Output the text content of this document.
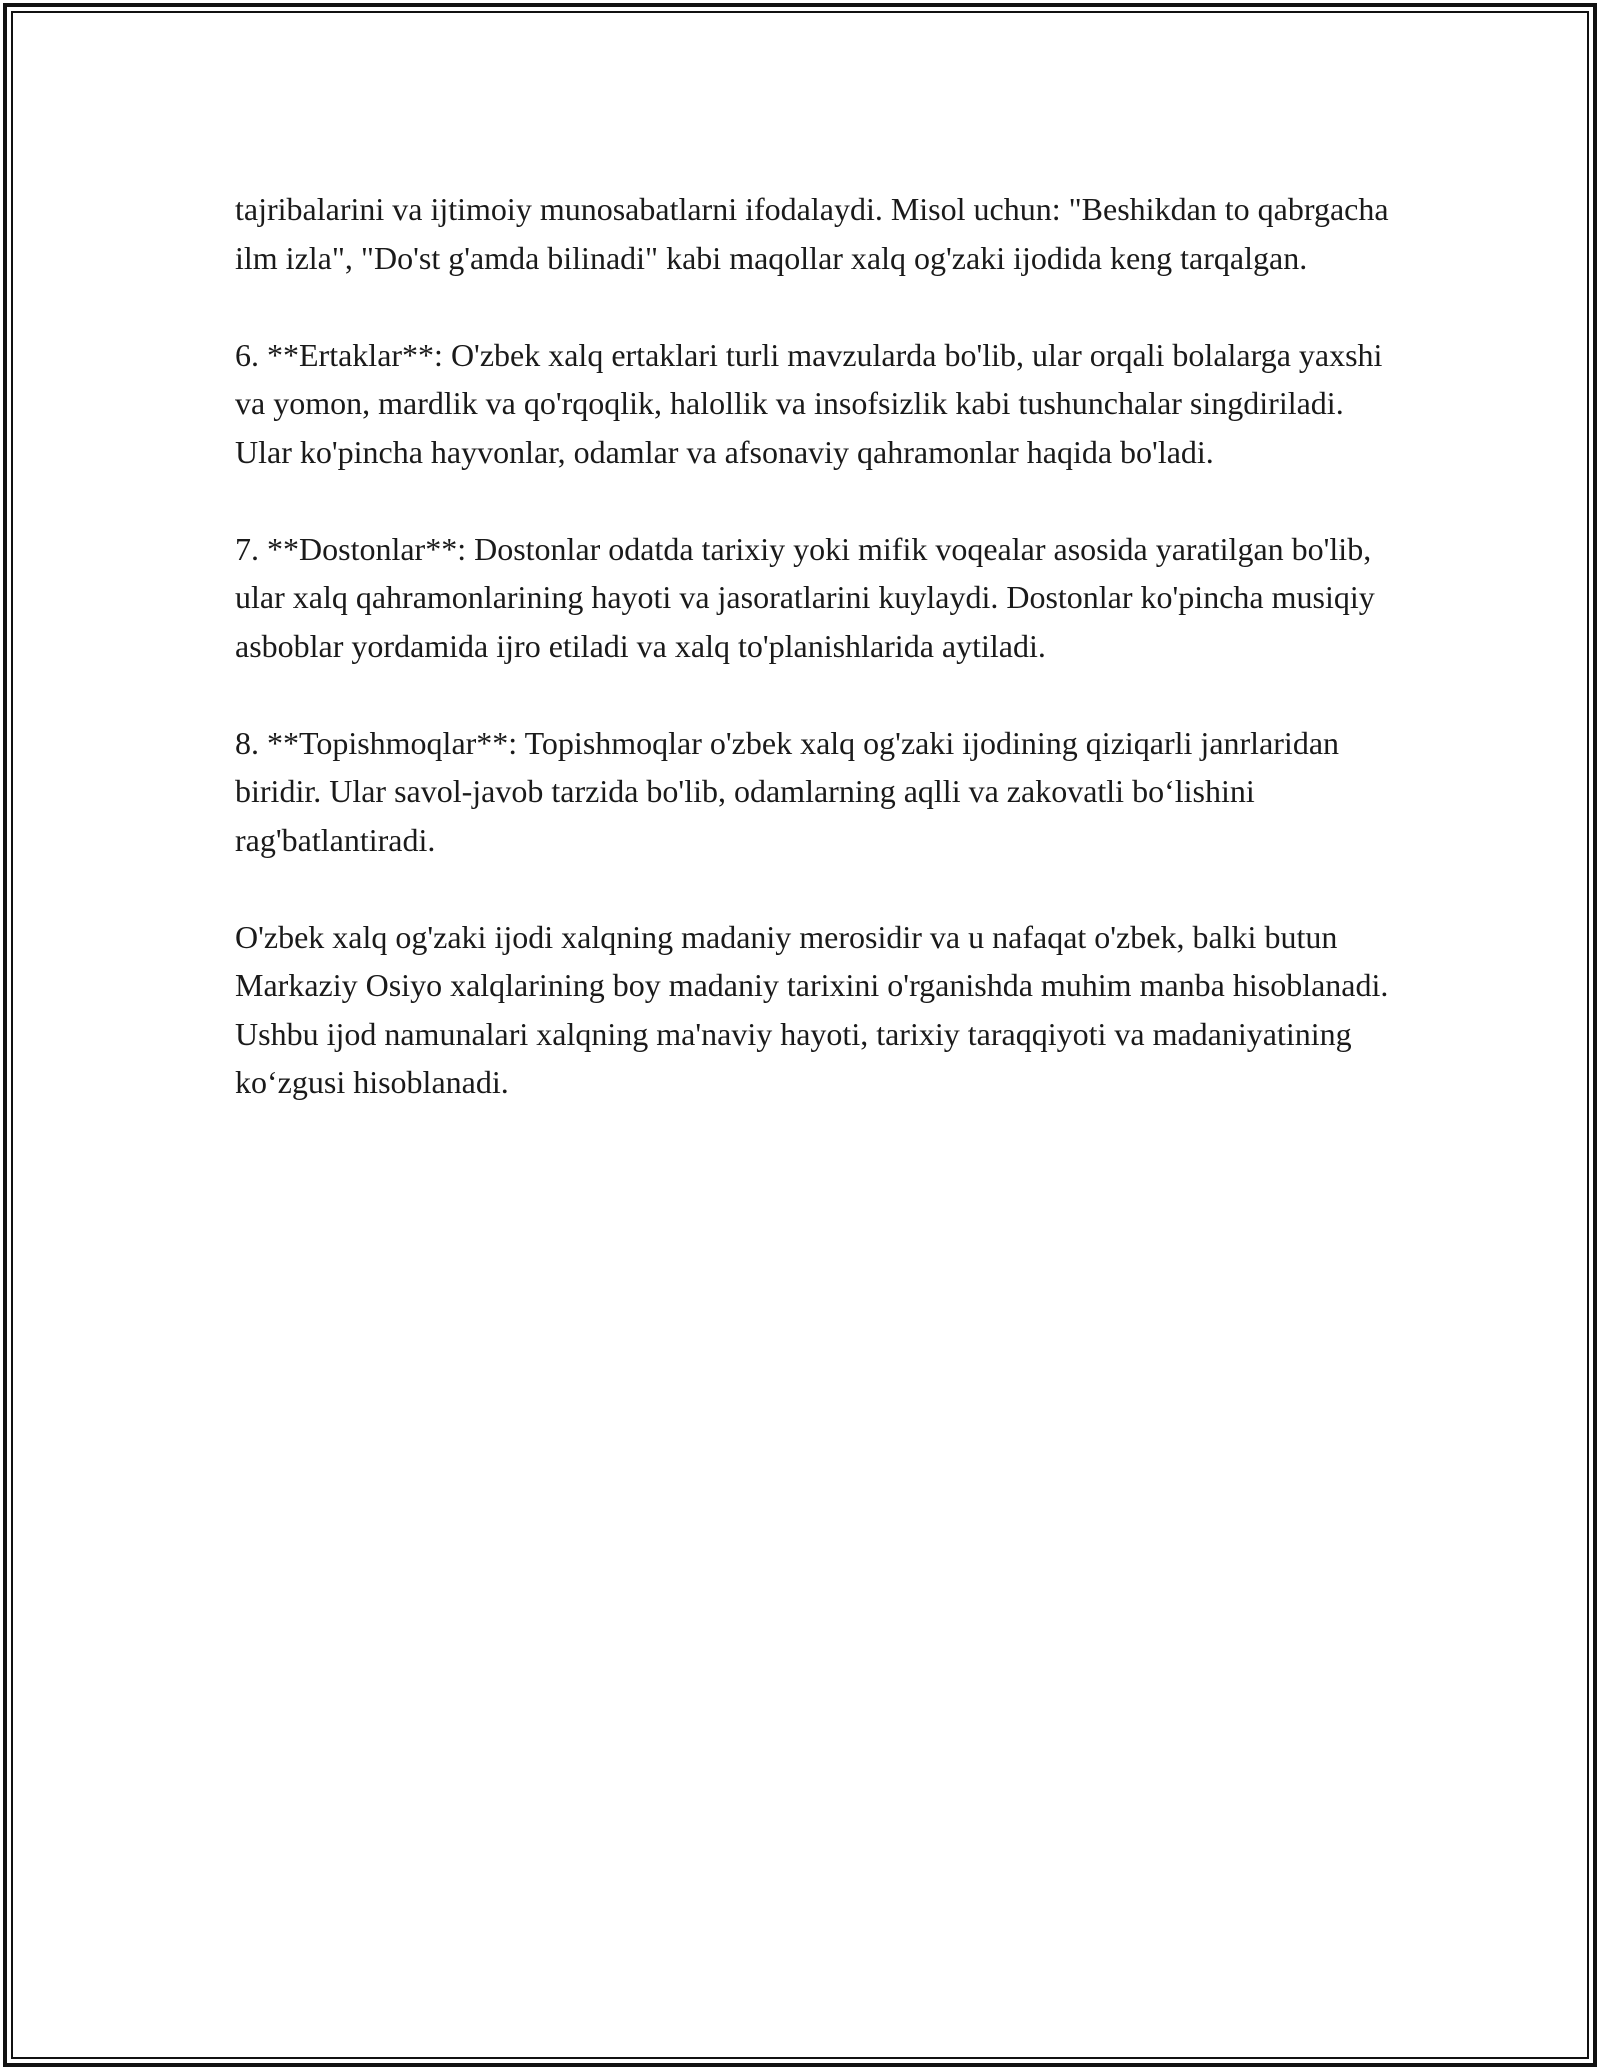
tajribalarini va ijtimoiy munosabatlarni ifodalaydi. Misol uchun: "Beshikdan to qabrgacha ilm izla", "Do'st g'amda bilinadi" kabi maqollar xalq og'zaki ijodida keng tarqalgan.

6. **Ertaklar**: O'zbek xalq ertaklari turli mavzularda bo'lib, ular orqali bolalarga yaxshi va yomon, mardlik va qo'rqoqlik, halollik va insofsizlik kabi tushunchalar singdiriladi. Ular ko'pincha hayvonlar, odamlar va afsonaviy qahramonlar haqida bo'ladi.

7. **Dostonlar**: Dostonlar odatda tarixiy yoki mifik voqealar asosida yaratilgan bo'lib, ular xalq qahramonlarining hayoti va jasoratlarini kuylaydi. Dostonlar ko'pincha musiqiy asboblar yordamida ijro etiladi va xalq to'planishlarida aytiladi.

8. **Topishmoqlar**: Topishmoqlar o'zbek xalq og'zaki ijodining qiziqarli janrlaridan biridir. Ular savol-javob tarzida bo'lib, odamlarning aqlli va zakovatli bo‘lishini rag'batlantiradi.

O'zbek xalq og'zaki ijodi xalqning madaniy merosidir va u nafaqat o'zbek, balki butun Markaziy Osiyo xalqlarining boy madaniy tarixini o'rganishda muhim manba hisoblanadi. Ushbu ijod namunalari xalqning ma'naviy hayoti, tarixiy taraqqiyoti va madaniyatining ko‘zgusi hisoblanadi.
